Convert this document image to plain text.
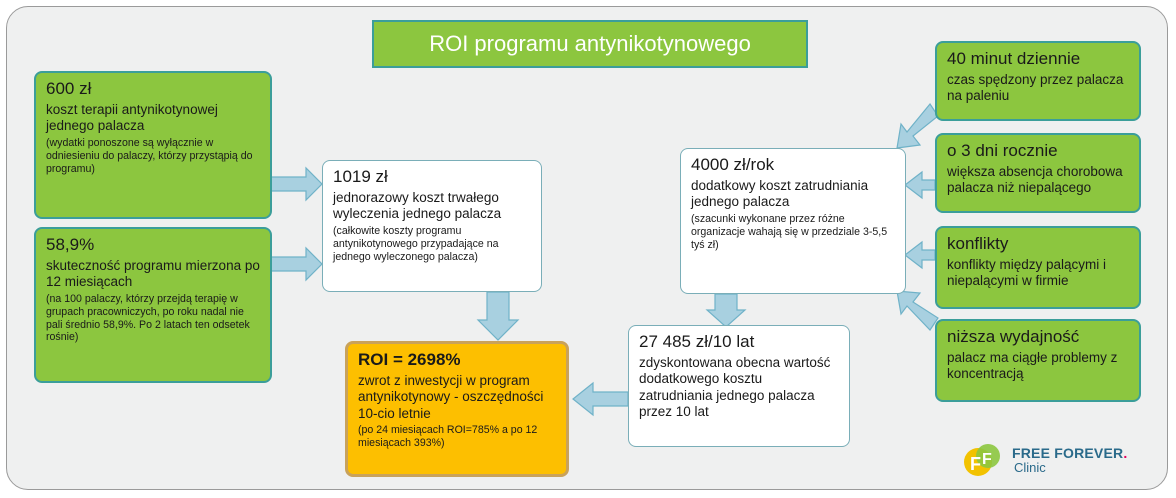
ROI programu antynikotynowego
600 zł
koszt terapii antynikotynowej jednego palacza
(wydatki ponoszone są wyłącznie w odniesieniu do palaczy, którzy przystąpią do programu)
58,9%
skuteczność programu mierzona po 12 miesiącach
(na 100 palaczy, którzy przejdą terapię w grupach pracowniczych, po roku nadal nie pali średnio 58,9%. Po 2 latach ten odsetek rośnie)
1019 zł
jednorazowy koszt trwałego wyleczenia jednego palacza
(całkowite koszty programu antynikotynowego przypadające na jednego wyleczonego palacza)
ROI = 2698%
zwrot z inwestycji w program antynikotynowy - oszczędności 10-cio letnie
(po 24 miesiącach ROI=785% a po 12 miesiącach 393%)
4000 zł/rok
dodatkowy koszt zatrudniania jednego palacza
(szacunki wykonane przez różne organizacje wahają się w przedziale 3-5,5 tyś zł)
27 485 zł/10 lat
zdyskontowana obecna wartość dodatkowego kosztu zatrudniania jednego palacza przez 10 lat
40 minut dziennie
czas spędzony przez palacza na paleniu
o 3 dni rocznie
większa absencja chorobowa palacza niż niepalącego
konflikty
konflikty między palącymi i niepalącymi w firmie
niższa wydajność
palacz ma ciągłe problemy z koncentracją
F F FREE FOREVER.
Clinic
